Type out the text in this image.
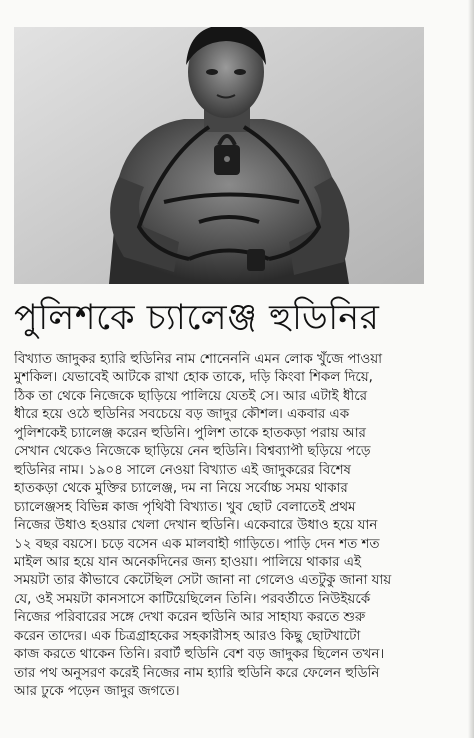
পুলিশকে চ্যালেঞ্জ হুডিনির
বিখ্যাত জাদুকর হ্যারি হুডিনির নাম শোনেননি এমন লোক খুঁজে পাওয়া
মুশকিল। যেভাবেই আটকে রাখা হোক তাকে, দড়ি কিংবা শিকল দিয়ে,
ঠিক তা থেকে নিজেকে ছাড়িয়ে পালিয়ে যেতই সে। আর এটাই ধীরে
ধীরে হয়ে ওঠে হুডিনির সবচেয়ে বড় জাদুর কৌশল। একবার এক
পুলিশকেই চ্যালেঞ্জ করেন হুডিনি। পুলিশ তাকে হাতকড়া পরায় আর
সেখান থেকেও নিজেকে ছাড়িয়ে নেন হুডিনি। বিশ্বব্যাপী ছড়িয়ে পড়ে
হুডিনির নাম। ১৯০৪ সালে নেওয়া বিখ্যাত এই জাদুকরের বিশেষ
হাতকড়া থেকে মুক্তির চ্যালেঞ্জ, দম না নিয়ে সর্বোচ্চ সময় থাকার
চ্যালেঞ্জসহ বিভিন্ন কাজ পৃথিবী বিখ্যাত। খুব ছোট বেলাতেই প্রথম
নিজের উধাও হওয়ার খেলা দেখান হুডিনি। একেবারে উধাও হয়ে যান
১২ বছর বয়সে। চড়ে বসেন এক মালবাহী গাড়িতে। পাড়ি দেন শত শত
মাইল আর হয়ে যান অনেকদিনের জন্য হাওয়া। পালিয়ে থাকার এই
সময়টা তার কীভাবে কেটেছিল সেটা জানা না গেলেও এতটুকু জানা যায়
যে, ওই সময়টা কানসাসে কাটিয়েছিলেন তিনি। পরবর্তীতে নিউইয়র্কে
নিজের পরিবারের সঙ্গে দেখা করেন হুডিনি আর সাহায্য করতে শুরু
করেন তাদের। এক চিত্রগ্রাহকের সহকারীসহ আরও কিছু ছোটখাটো
কাজ করতে থাকেন তিনি। রবার্ট হুডিনি বেশ বড় জাদুকর ছিলেন তখন।
তার পথ অনুসরণ করেই নিজের নাম হ্যারি হুডিনি করে ফেলেন হুডিনি
আর ঢুকে পড়েন জাদুর জগতে।
